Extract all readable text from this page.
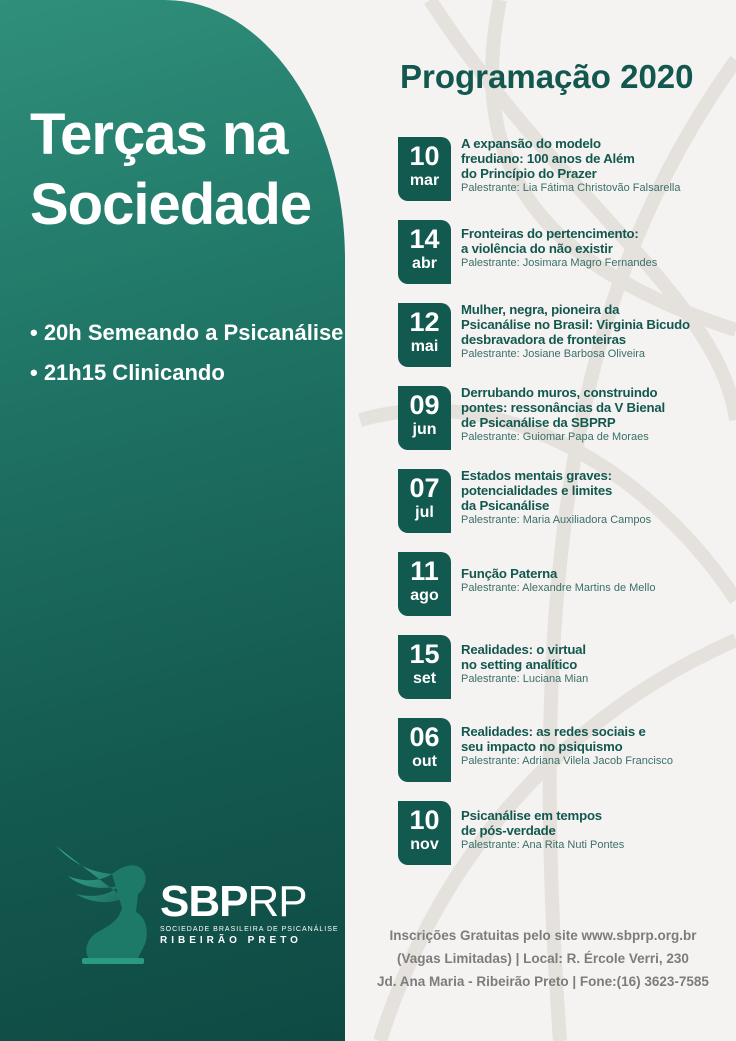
Terças na
Sociedade
• 20h Semeando a Psicanálise
• 21h15 Clinicando
SBPRP
SOCIEDADE BRASILEIRA DE PSICANÁLISE
RIBEIRÃO PRETO
Programação 2020
10
mar
A expansão do modelo
freudiano: 100 anos de Além
do Princípio do Prazer
Palestrante: Lia Fátima Christovão Falsarella
14
abr
Fronteiras do pertencimento:
a violência do não existir
Palestrante: Josimara Magro Fernandes
12
mai
Mulher, negra, pioneira da
Psicanálise no Brasil: Virginia Bicudo
desbravadora de fronteiras
Palestrante: Josiane Barbosa Oliveira
09
jun
Derrubando muros, construindo
pontes: ressonâncias da V Bienal
de Psicanálise da SBPRP
Palestrante: Guiomar Papa de Moraes
07
jul
Estados mentais graves:
potencialidades e limites
da Psicanálise
Palestrante: Maria Auxiliadora Campos
11
ago
Função Paterna
Palestrante: Alexandre Martins de Mello
15
set
Realidades: o virtual
no setting analítico
Palestrante: Luciana Mian
06
out
Realidades: as redes sociais e
seu impacto no psiquismo
Palestrante: Adriana Vilela Jacob Francisco
10
nov
Psicanálise em tempos
de pós-verdade
Palestrante: Ana Rita Nuti Pontes
Inscrições Gratuitas pelo site www.sbprp.org.br
(Vagas Limitadas) | Local: R. Ércole Verri, 230
Jd. Ana Maria - Ribeirão Preto | Fone:(16) 3623-7585
